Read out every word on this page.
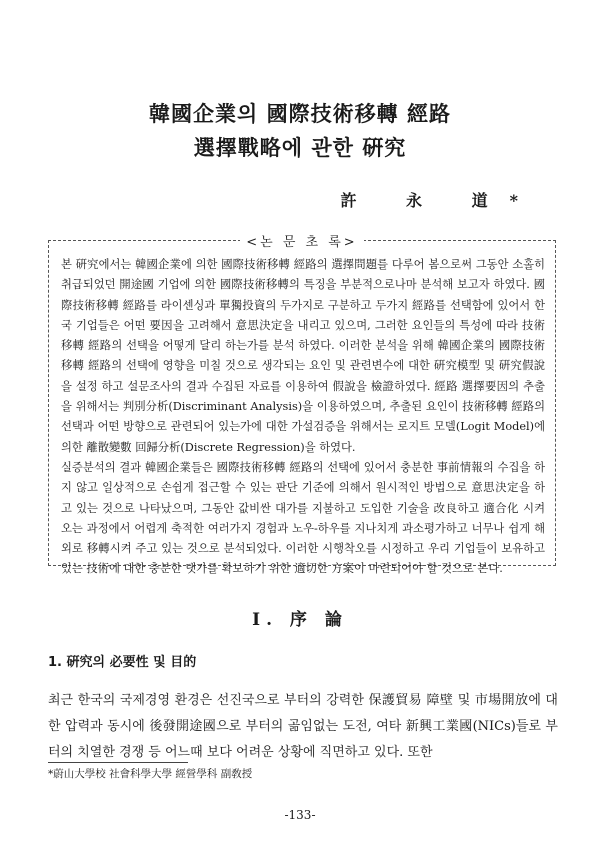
韓國企業의 國際技術移轉 經路
選擇戰略에 관한 硏究

許 永 道*

<논 문 초 록>

본 硏究에서는 韓國企業에 의한 國際技術移轉 經路의 選擇問題를 다루어 봄으로써 그동안 소홀히 취급되었던 開途國 기업에 의한 國際技術移轉의 특징을 부분적으로나마 분석해 보고자 하였다. 國際技術移轉 經路를 라이센싱과 單獨投資의 두가지로 구분하고 두가지 經路를 선택함에 있어서 한국 기업들은 어떤 要因을 고려해서 意思決定을 내리고 있으며, 그러한 요인들의 특성에 따라 技術移轉 經路의 선택을 어떻게 달리 하는가를 분석 하였다. 이러한 분석을 위해 韓國企業의 國際技術移轉 經路의 선택에 영향을 미칠 것으로 생각되는 요인 및 관련변수에 대한 硏究模型 및 硏究假說을 설정 하고 설문조사의 결과 수집된 자료를 이용하여 假說을 檢證하였다. 經路 選擇要因의 추출을 위해서는 判別分析(Discriminant Analysis)을 이용하였으며, 추출된 요인이 技術移轉 經路의 선택과 어떤 방향으로 관련되어 있는가에 대한 가설검증을 위해서는 로지트 모델(Logit Model)에 의한 離散變數 回歸分析(Discrete Regression)을 하였다.

실증분석의 결과 韓國企業들은 國際技術移轉 經路의 선택에 있어서 충분한 事前情報의 수집을 하지 않고 일상적으로 손쉽게 접근할 수 있는 판단 기준에 의해서 원시적인 방법으로 意思決定을 하고 있는 것으로 나타났으며, 그동안 값비싼 대가를 지불하고 도입한 기술을 改良하고 適合化 시켜 오는 과정에서 어렵게 축적한 여러가지 경험과 노우-하우를 지나치게 과소평가하고 너무나 쉽게 해외로 移轉시켜 주고 있는 것으로 분석되었다. 이러한 시행착오를 시정하고 우리 기업들이 보유하고 있는 技術에 대한 충분한 댓가를 확보하기 위한 適切한 方案이 마련되어야 할 것으로 본다.

I. 序 論
1. 硏究의 必要性 및 目的

최근 한국의 국제경영 환경은 선진국으로 부터의 강력한 保護貿易 障壁 및 市場開放에 대한 압력과 동시에 後發開途國으로 부터의 곪임없는 도전, 여타 新興工業國(NICs)들로 부터의 치열한 경쟁 등 어느때 보다 어려운 상황에 직면하고 있다. 또한

*蔚山大學校 社會科學大學 經營學科 副敎授

-133-
